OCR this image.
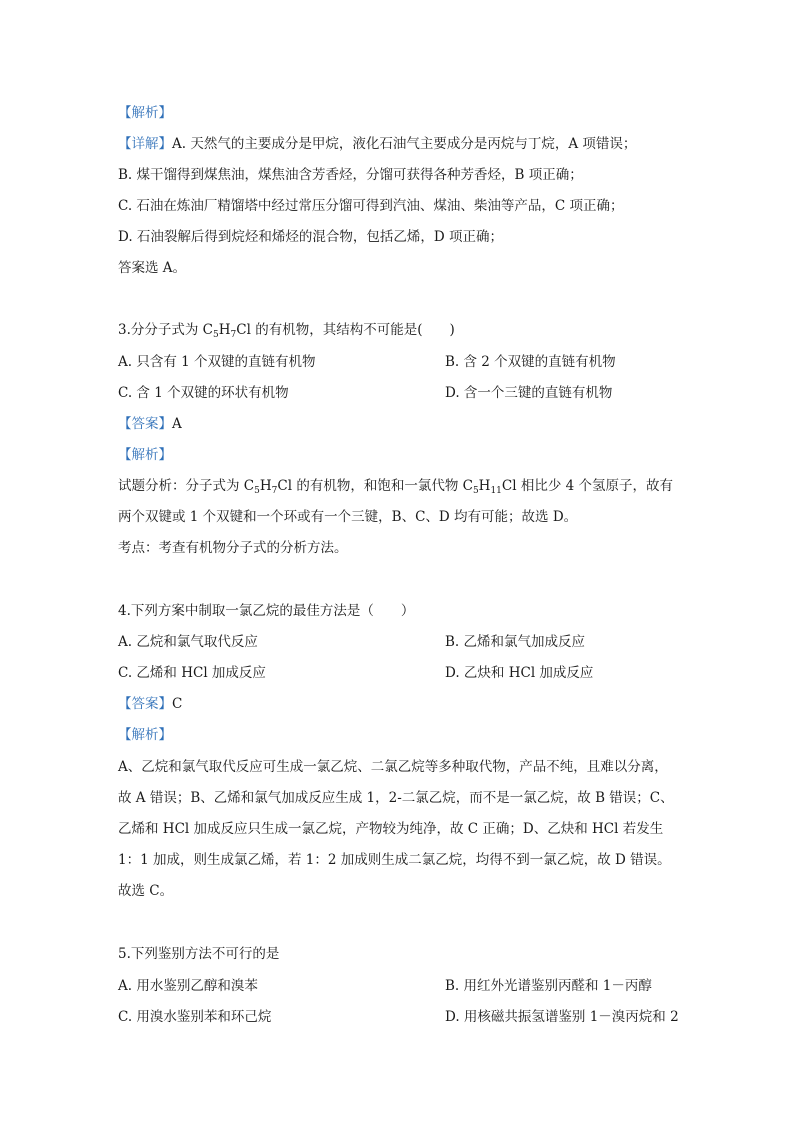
【解析】
【详解】A. 天然气的主要成分是甲烷，液化石油气主要成分是丙烷与丁烷，A 项错误；
B. 煤干馏得到煤焦油，煤焦油含芳香烃，分馏可获得各种芳香烃，B 项正确；
C. 石油在炼油厂精馏塔中经过常压分馏可得到汽油、煤油、柴油等产品，C 项正确；
D. 石油裂解后得到烷烃和烯烃的混合物，包括乙烯，D 项正确；
答案选 A。
3.分分子式为 $C_5H_7Cl$ 的有机物，其结构不可能是(　　)
A. 只含有 1 个双键的直链有机物	B. 含 2 个双键的直链有机物
C. 含 1 个双键的环状有机物	D. 含一个三键的直链有机物
【答案】A
【解析】
试题分析：分子式为 $C_5H_7Cl$ 的有机物，和饱和一氯代物 $C_5H_{11}Cl$ 相比少 4 个氢原子，故有
两个双键或 1 个双键和一个环或有一个三键，B、C、D 均有可能；故选 D。
考点：考查有机物分子式的分析方法。
4.下列方案中制取一氯乙烷的最佳方法是（　　）
A. 乙烷和氯气取代反应	B. 乙烯和氯气加成反应
C. 乙烯和 HCl 加成反应	D. 乙炔和 HCl 加成反应
【答案】C
【解析】
A、乙烷和氯气取代反应可生成一氯乙烷、二氯乙烷等多种取代物，产品不纯，且难以分离，
故 A 错误；B、乙烯和氯气加成反应生成 1，2-二氯乙烷，而不是一氯乙烷，故 B 错误；C、
乙烯和 HCl 加成反应只生成一氯乙烷，产物较为纯净，故 C 正确；D、乙炔和 HCl 若发生
1：1 加成，则生成氯乙烯，若 1：2 加成则生成二氯乙烷，均得不到一氯乙烷，故 D 错误。
故选 C。
5.下列鉴别方法不可行的是
A. 用水鉴别乙醇和溴苯	B. 用红外光谱鉴别丙醛和 1－丙醇
C. 用溴水鉴别苯和环己烷	D. 用核磁共振氢谱鉴别 1－溴丙烷和 2
